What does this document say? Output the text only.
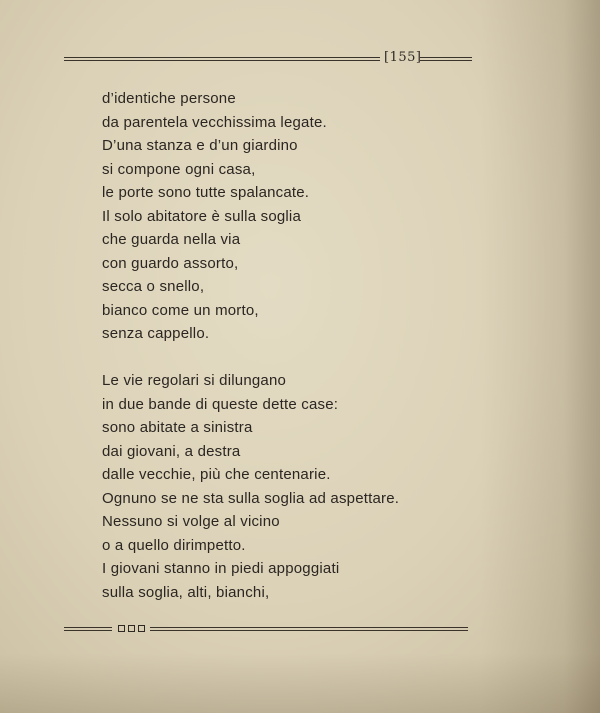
[155]
d’identiche persone
da parentela vecchissima legate.
D’una stanza e d’un giardino
si compone ogni casa,
le porte sono tutte spalancate.
Il solo abitatore è sulla soglia
che guarda nella via
con guardo assorto,
secca o snello,
bianco come un morto,
senza cappello.
Le vie regolari si dilungano
in due bande di queste dette case:
sono abitate a sinistra
dai giovani, a destra
dalle vecchie, più che centenarie.
Ognuno se ne sta sulla soglia ad aspettare.
Nessuno si volge al vicino
o a quello dirimpetto.
I giovani stanno in piedi appoggiati
sulla soglia, alti, bianchi,
